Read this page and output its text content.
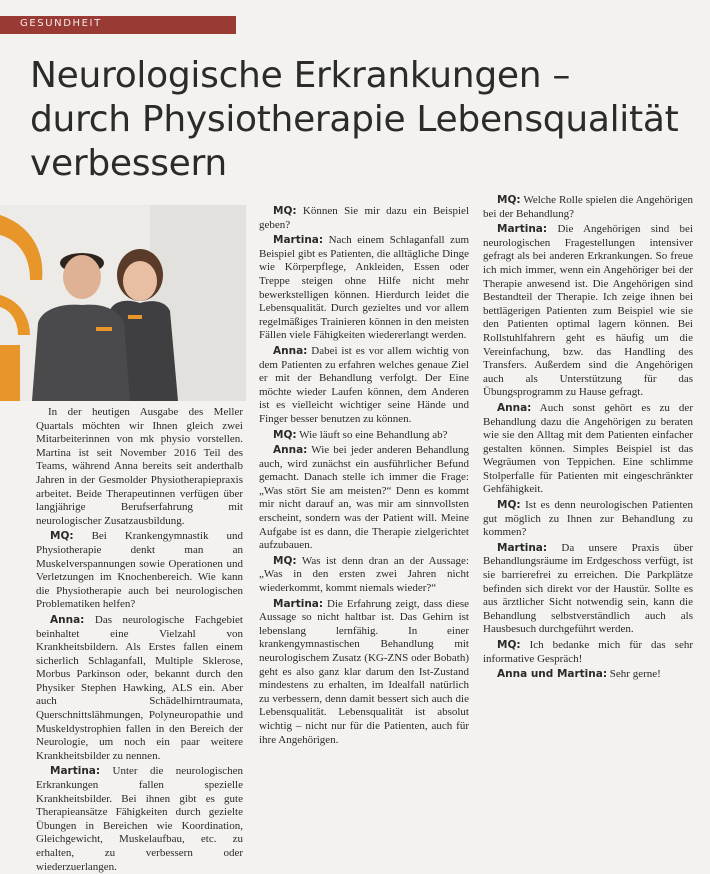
GESUNDHEIT
Neurologische Erkrankungen –
durch Physiotherapie Lebensqualität
verbessern

In der heutigen Ausgabe des Meller Quartals möchten wir Ihnen gleich zwei Mitarbeiterinnen von mk physio vorstellen. Martina ist seit November 2016 Teil des Teams, während Anna bereits seit anderthalb Jahren in der Gesmolder Physiotherapiepraxis arbeitet. Beide Therapeutinnen verfügen über langjährige Berufserfahrung mit neurologischer Zusatzausbildung.

MQ: Bei Krankengymnastik und Physiotherapie denkt man an Muskelverspannungen sowie Operationen und Verletzungen im Knochenbereich. Wie kann die Physiotherapie auch bei neurologischen Problematiken helfen?

Anna: Das neurologische Fachgebiet beinhaltet eine Vielzahl von Krankheitsbildern. Als Erstes fallen einem sicherlich Schlaganfall, Multiple Sklerose, Morbus Parkinson oder, bekannt durch den Physiker Stephen Hawking, ALS ein. Aber auch Schädelhirntraumata, Querschnittslähmungen, Polyneuropathie und Muskeldystrophien fallen in den Bereich der Neurologie, um noch ein paar weitere Krankheitsbilder zu nennen.

Martina: Unter die neurologischen Erkrankungen fallen spezielle Krankheitsbilder. Bei ihnen gibt es gute Therapieansätze Fähigkeiten durch gezielte Übungen in Bereichen wie Koordination, Gleichgewicht, Muskelaufbau, etc. zu erhalten, zu verbessern oder wiederzuerlangen.

MQ: Können Sie mir dazu ein Beispiel geben?

Martina: Nach einem Schlaganfall zum Beispiel gibt es Patienten, die alltägliche Dinge wie Körperpflege, Ankleiden, Essen oder Treppe steigen ohne Hilfe nicht mehr bewerkstelligen können. Hierdurch leidet die Lebensqualität. Durch gezieltes und vor allem regelmäßiges Trainieren können in den meisten Fällen viele Fähigkeiten wiedererlangt werden.

Anna: Dabei ist es vor allem wichtig von dem Patienten zu erfahren welches genaue Ziel er mit der Behandlung verfolgt. Der Eine möchte wieder Laufen können, dem Anderen ist es vielleicht wichtiger seine Hände und Finger besser benutzen zu können.

MQ: Wie läuft so eine Behandlung ab?

Anna: Wie bei jeder anderen Behandlung auch, wird zunächst ein ausführlicher Befund gemacht. Danach stelle ich immer die Frage: „Was stört Sie am meisten?“ Denn es kommt mir nicht darauf an, was mir am sinnvollsten erscheint, sondern was der Patient will. Meine Aufgabe ist es dann, die Therapie zielgerichtet aufzubauen.

MQ: Was ist denn dran an der Aussage: „Was in den ersten zwei Jahren nicht wiederkommt, kommt niemals wieder?“

Martina: Die Erfahrung zeigt, dass diese Aussage so nicht haltbar ist. Das Gehirn ist lebenslang lernfähig. In einer krankengymnastischen Behandlung mit neurologischem Zusatz (KG-ZNS oder Bobath) geht es also ganz klar darum den Ist-Zustand mindestens zu erhalten, im Idealfall natürlich zu verbessern, denn damit bessert sich auch die Lebensqualität. Lebensqualität ist absolut wichtig – nicht nur für die Patienten, auch für ihre Angehörigen.

MQ: Welche Rolle spielen die Angehörigen bei der Behandlung?

Martina: Die Angehörigen sind bei neurologischen Fragestellungen intensiver gefragt als bei anderen Erkrankungen. So freue ich mich immer, wenn ein Angehöriger bei der Therapie anwesend ist. Die Angehörigen sind Bestandteil der Therapie. Ich zeige ihnen bei bettlägerigen Patienten zum Beispiel wie sie den Patienten optimal lagern können. Bei Rollstuhlfahrern geht es häufig um die Vereinfachung, bzw. das Handling des Transfers. Außerdem sind die Angehörigen auch als Unterstützung für das Übungsprogramm zu Hause gefragt.

Anna: Auch sonst gehört es zu der Behandlung dazu die Angehörigen zu beraten wie sie den Alltag mit dem Patienten einfacher gestalten können. Simples Beispiel ist das Wegräumen von Teppichen. Eine schlimme Stolperfalle für Patienten mit eingeschränkter Gehfähigkeit.

MQ: Ist es denn neurologischen Patienten gut möglich zu Ihnen zur Behandlung zu kommen?

Martina: Da unsere Praxis über Behandlungsräume im Erdgeschoss verfügt, ist sie barrierefrei zu erreichen. Die Parkplätze befinden sich direkt vor der Haustür. Sollte es aus ärztlicher Sicht notwendig sein, kann die Behandlung selbstverständlich auch als Hausbesuch durchgeführt werden.

MQ: Ich bedanke mich für das sehr informative Gespräch!

Anna und Martina: Sehr gerne!
